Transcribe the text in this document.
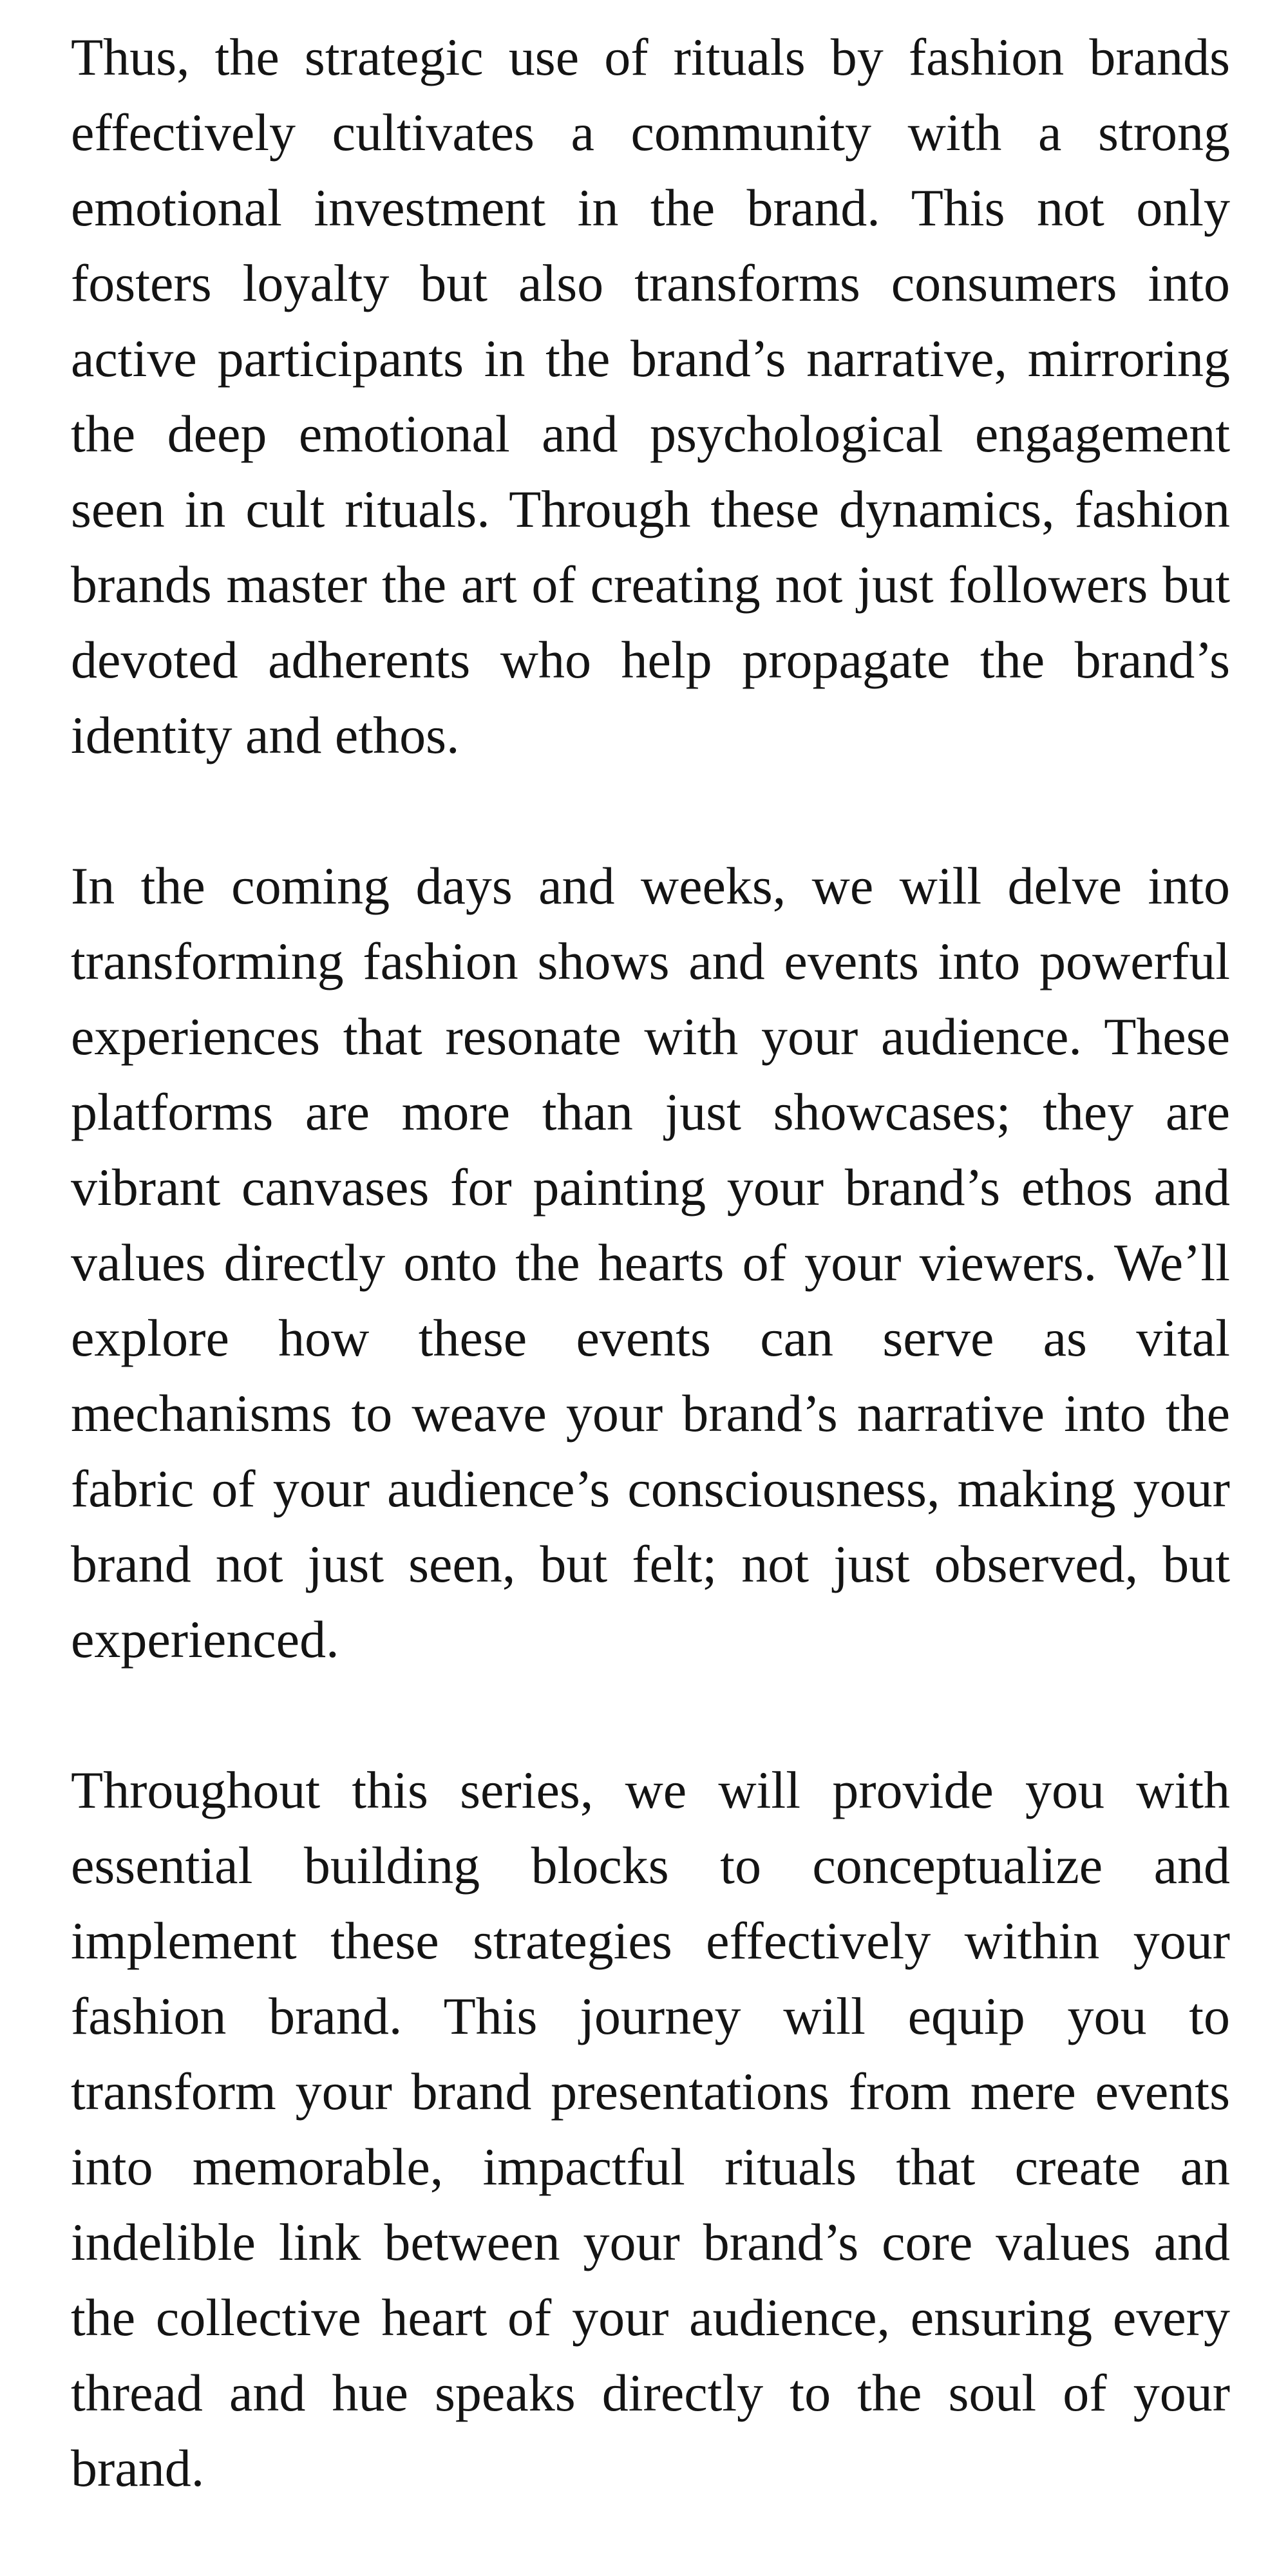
Thus, the strategic use of rituals by fashion brands effectively cultivates a community with a strong emotional investment in the brand. This not only fosters loyalty but also transforms consumers into active participants in the brand’s narrative, mirroring the deep emotional and psychological engagement seen in cult rituals. Through these dynamics, fashion brands master the art of creating not just followers but devoted adherents who help propagate the brand’s identity and ethos.

In the coming days and weeks, we will delve into transforming fashion shows and events into powerful experiences that resonate with your audience. These platforms are more than just showcases; they are vibrant canvases for painting your brand’s ethos and values directly onto the hearts of your viewers. We’ll explore how these events can serve as vital mechanisms to weave your brand’s narrative into the fabric of your audience’s consciousness, making your brand not just seen, but felt; not just observed, but experienced.

Throughout this series, we will provide you with essential building blocks to conceptualize and implement these strategies effectively within your fashion brand. This journey will equip you to transform your brand presentations from mere events into memorable, impactful rituals that create an indelible link between your brand’s core values and the collective heart of your audience, ensuring every thread and hue speaks directly to the soul of your brand.
